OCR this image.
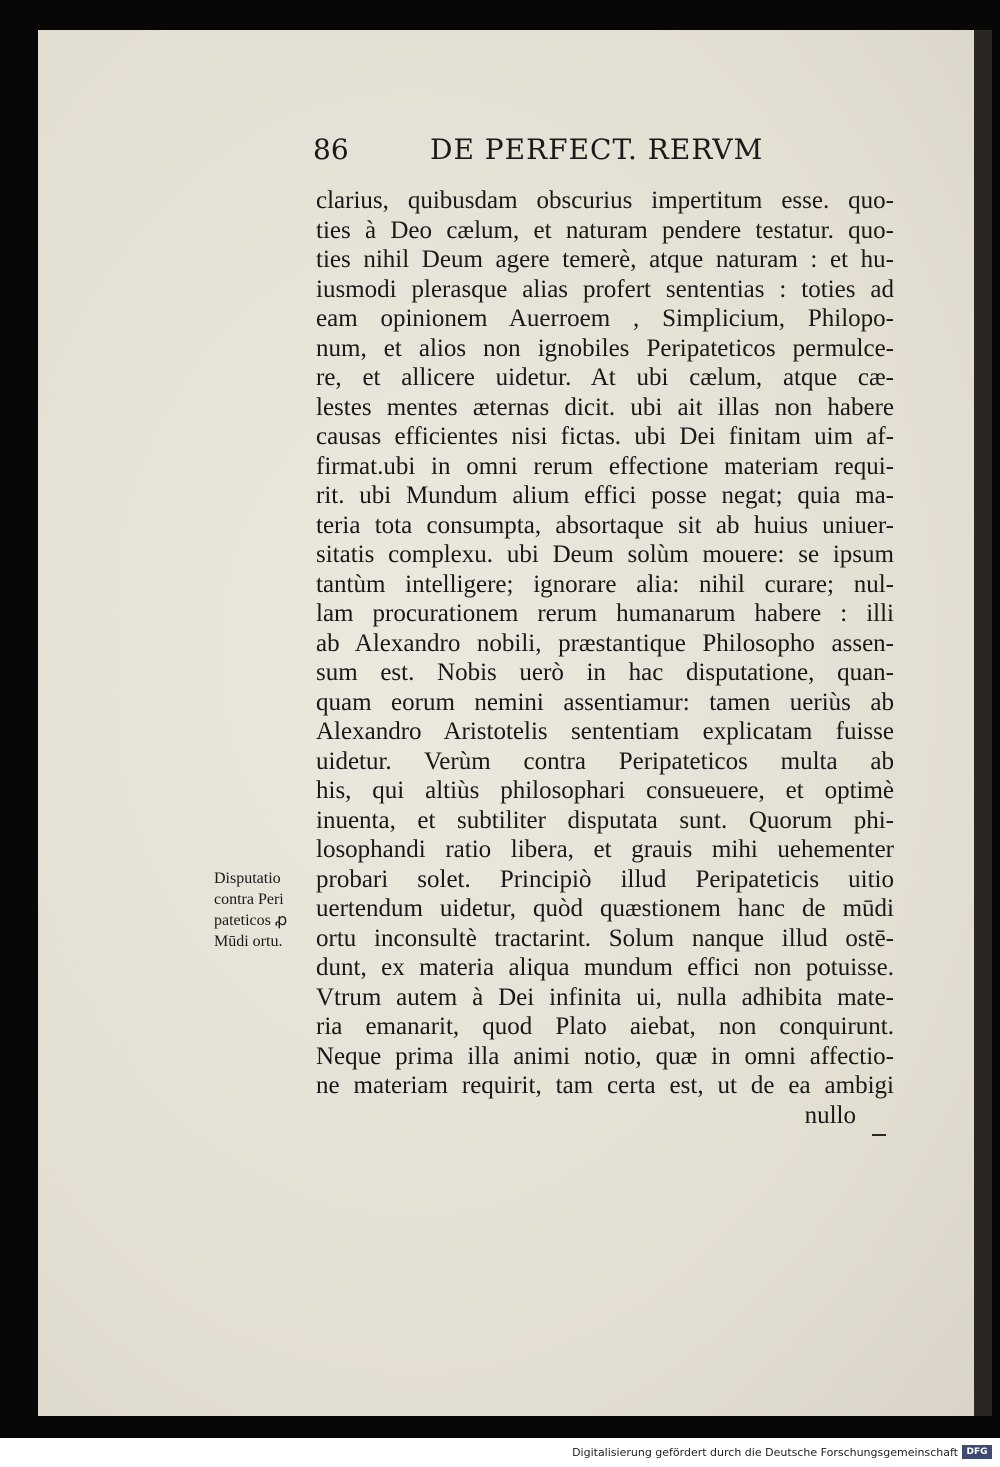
86	DE PERFECT. RERVM
clarius, quibusdam obscurius impertitum esse. quo-
ties à Deo cælum, et naturam pendere testatur. quo-
ties nihil Deum agere temerè, atque naturam : et hu-
iusmodi plerasque alias profert sententias : toties ad
eam opinionem Auerroem , Simplicium, Philopo-
num, et alios non ignobiles Peripateticos permulce-
re, et allicere uidetur. At ubi cælum, atque cæ-
lestes mentes æternas dicit. ubi ait illas non habere
causas efficientes nisi fictas. ubi Dei finitam uim af-
firmat.ubi in omni rerum effectione materiam requi-
rit. ubi Mundum alium effici posse negat; quia ma-
teria tota consumpta, absortaque sit ab huius uniuer-
sitatis complexu. ubi Deum solùm mouere: se ipsum
tantùm intelligere; ignorare alia: nihil curare; nul-
lam procurationem rerum humanarum habere : illi
ab Alexandro nobili, præstantique Philosopho assen-
sum est. Nobis uerò in hac disputatione, quan-
quam eorum nemini assentiamur: tamen ueriùs ab
Alexandro Aristotelis sententiam explicatam fuisse
uidetur. Verùm contra Peripateticos multa ab
his, qui altiùs philosophari consueuere, et optimè
inuenta, et subtiliter disputata sunt. Quorum phi-
losophandi ratio libera, et grauis mihi uehementer
probari solet. Principiò illud Peripateticis uitio
uertendum uidetur, quòd quæstionem hanc de mūdi
ortu inconsultè tractarint. Solum nanque illud ostē-
dunt, ex materia aliqua mundum effici non potuisse.
Vtrum autem à Dei infinita ui, nulla adhibita mate-
ria emanarit, quod Plato aiebat, non conquirunt.
Neque prima illa animi notio, quæ in omni affectio-
ne materiam requirit, tam certa est, ut de ea ambigi
nullo
Disputatio
contra Peri
pateticos ꝓ
Mūdi ortu.
Digitalisierung gefördert durch die Deutsche Forschungsgemeinschaft DFG
